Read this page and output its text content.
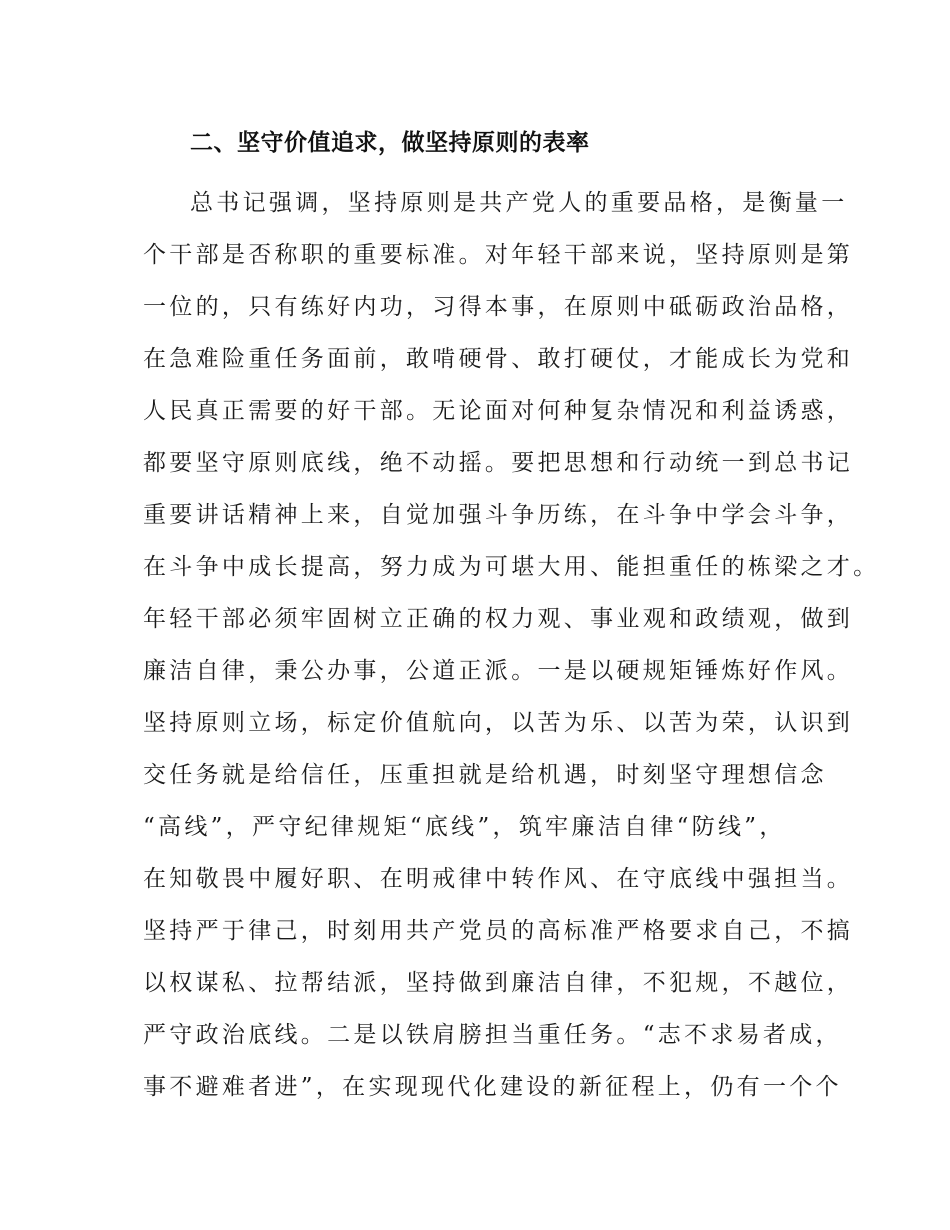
二、坚守价值追求，做坚持原则的表率
总书记强调，坚持原则是共产党人的重要品格，是衡量一
个干部是否称职的重要标准。对年轻干部来说，坚持原则是第
一位的，只有练好内功，习得本事，在原则中砥砺政治品格，
在急难险重任务面前，敢啃硬骨、敢打硬仗，才能成长为党和
人民真正需要的好干部。无论面对何种复杂情况和利益诱惑，
都要坚守原则底线，绝不动摇。要把思想和行动统一到总书记
重要讲话精神上来，自觉加强斗争历练，在斗争中学会斗争，
在斗争中成长提高，努力成为可堪大用、能担重任的栋梁之才。
年轻干部必须牢固树立正确的权力观、事业观和政绩观，做到
廉洁自律，秉公办事，公道正派。一是以硬规矩锤炼好作风。
坚持原则立场，标定价值航向，以苦为乐、以苦为荣，认识到
交任务就是给信任，压重担就是给机遇，时刻坚守理想信念
“高线”，严守纪律规矩“底线”，筑牢廉洁自律“防线”，
在知敬畏中履好职、在明戒律中转作风、在守底线中强担当。
坚持严于律己，时刻用共产党员的高标准严格要求自己，不搞
以权谋私、拉帮结派，坚持做到廉洁自律，不犯规，不越位，
严守政治底线。二是以铁肩膀担当重任务。“志不求易者成，
事不避难者进”，在实现现代化建设的新征程上，仍有一个个
